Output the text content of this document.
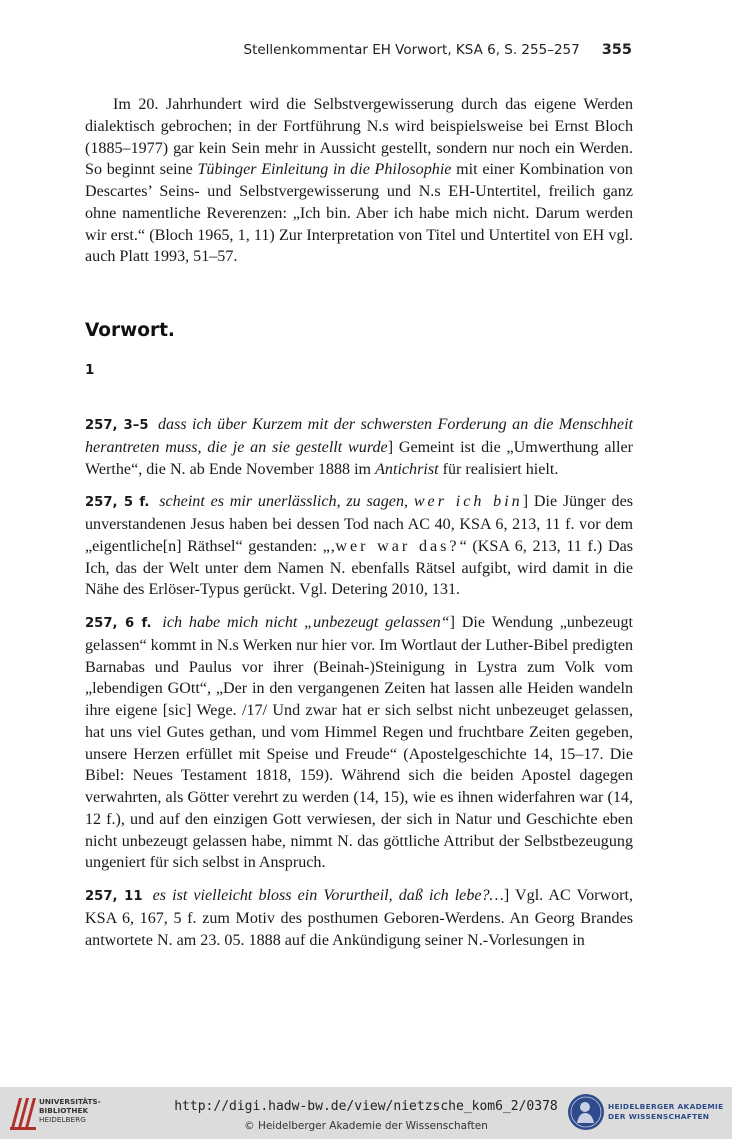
Stellenkommentar EH Vorwort, KSA 6, S. 255–257 355

Im 20. Jahrhundert wird die Selbstvergewisserung durch das eigene Werden dialektisch gebrochen; in der Fortführung N.s wird beispielsweise bei Ernst Bloch (1885–1977) gar kein Sein mehr in Aussicht gestellt, sondern nur noch ein Werden. So beginnt seine Tübinger Einleitung in die Philosophie mit einer Kombination von Descartes’ Seins- und Selbstvergewisserung und N.s EH-Untertitel, freilich ganz ohne namentliche Reverenzen: „Ich bin. Aber ich habe mich nicht. Darum werden wir erst.“ (Bloch 1965, 1, 11) Zur Interpretation von Titel und Untertitel von EH vgl. auch Platt 1993, 51–57.

Vorwort.
1

257, 3–5 dass ich über Kurzem mit der schwersten Forderung an die Menschheit herantreten muss, die je an sie gestellt wurde] Gemeint ist die „Umwerthung aller Werthe“, die N. ab Ende November 1888 im Antichrist für realisiert hielt.

257, 5 f. scheint es mir unerlässlich, zu sagen, wer ich bin] Die Jünger des unverstandenen Jesus haben bei dessen Tod nach AC 40, KSA 6, 213, 11 f. vor dem „eigentliche[n] Räthsel“ gestanden: „‚wer war das?“ (KSA 6, 213, 11 f.) Das Ich, das der Welt unter dem Namen N. ebenfalls Rätsel aufgibt, wird damit in die Nähe des Erlöser-Typus gerückt. Vgl. Detering 2010, 131.

257, 6 f. ich habe mich nicht „unbezeugt gelassen“] Die Wendung „unbezeugt gelassen“ kommt in N.s Werken nur hier vor. Im Wortlaut der Luther-Bibel predigten Barnabas und Paulus vor ihrer (Beinah-)Steinigung in Lystra zum Volk vom „lebendigen GOtt“, „Der in den vergangenen Zeiten hat lassen alle Heiden wandeln ihre eigene [sic] Wege. /17/ Und zwar hat er sich selbst nicht unbezeuget gelassen, hat uns viel Gutes gethan, und vom Himmel Regen und fruchtbare Zeiten gegeben, unsere Herzen erfüllet mit Speise und Freude“ (Apostelgeschichte 14, 15–17. Die Bibel: Neues Testament 1818, 159). Während sich die beiden Apostel dagegen verwahrten, als Götter verehrt zu werden (14, 15), wie es ihnen widerfahren war (14, 12 f.), und auf den einzigen Gott verwiesen, der sich in Natur und Geschichte eben nicht unbezeugt gelassen habe, nimmt N. das göttliche Attribut der Selbstbezeugung ungeniert für sich selbst in Anspruch.

257, 11 es ist vielleicht bloss ein Vorurtheil, daß ich lebe?…] Vgl. AC Vorwort, KSA 6, 167, 5 f. zum Motiv des posthumen Geboren-Werdens. An Georg Brandes antwortete N. am 23. 05. 1888 auf die Ankündigung seiner N.-Vorlesungen in

UNIVERSITÄTS-
BIBLIOTHEK
HEIDELBERG
http://digi.hadw-bw.de/view/nietzsche_kom6_2/0378
© Heidelberger Akademie der Wissenschaften
HEIDELBERGER AKADEMIE
DER WISSENSCHAFTEN
